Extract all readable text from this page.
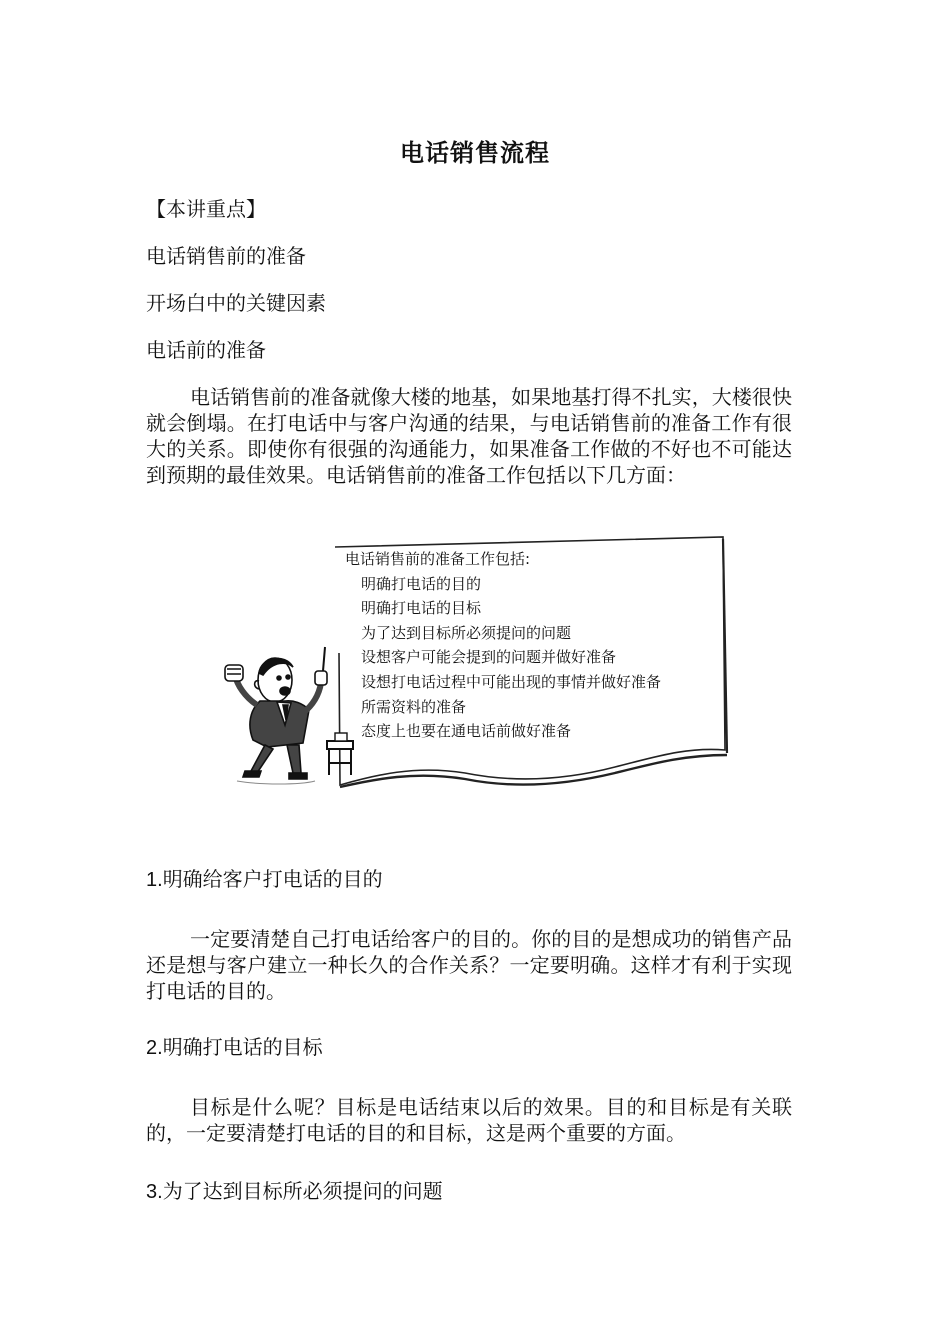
电话销售流程
【本讲重点】
电话销售前的准备
开场白中的关键因素
电话前的准备
电话销售前的准备就像大楼的地基，如果地基打得不扎实，大楼很快就会倒塌。在打电话中与客户沟通的结果，与电话销售前的准备工作有很大的关系。即使你有很强的沟通能力，如果准备工作做的不好也不可能达到预期的最佳效果。电话销售前的准备工作包括以下几方面：
电话销售前的准备工作包括:
明确打电话的目的
明确打电话的目标
为了达到目标所必须提问的问题
设想客户可能会提到的问题并做好准备
设想打电话过程中可能出现的事情并做好准备
所需资料的准备
态度上也要在通电话前做好准备
1.明确给客户打电话的目的
一定要清楚自己打电话给客户的目的。你的目的是想成功的销售产品还是想与客户建立一种长久的合作关系？一定要明确。这样才有利于实现打电话的目的。
2.明确打电话的目标
目标是什么呢？目标是电话结束以后的效果。目的和目标是有关联的，一定要清楚打电话的目的和目标，这是两个重要的方面。
3.为了达到目标所必须提问的问题
